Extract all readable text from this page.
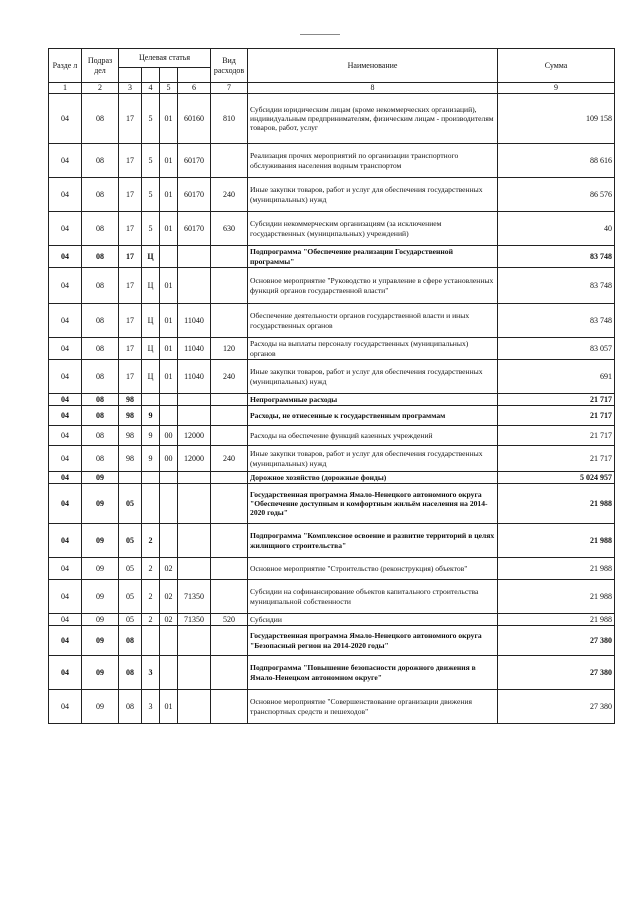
Разде л	Подраз дел	Целевая статья				Вид расходов	Наименование	Сумма

1	2	3	4	5	6	7	8	9
04	08	17	5	01	60160	810	Субсидии юридическим лицам (кроме некоммерческих организаций), индивидуальным предпринимателям, физическим лицам - производителям товаров, работ, услуг	109 158
04	08	17	5	01	60170		Реализация прочих мероприятий по организации транспортного обслуживания населения водным транспортом	88 616
04	08	17	5	01	60170	240	Иные закупки товаров, работ и услуг для обеспечения государственных (муниципальных) нужд	86 576
04	08	17	5	01	60170	630	Субсидии некоммерческим организациям (за исключением государственных (муниципальных) учреждений)	40
04	08	17	Ц				Подпрограмма "Обеспечение реализации Государственной программы"	83 748
04	08	17	Ц	01			Основное мероприятие "Руководство и управление в сфере установленных функций органов государственной власти"	83 748
04	08	17	Ц	01	11040		Обеспечение деятельности органов государственной власти и иных государственных органов	83 748
04	08	17	Ц	01	11040	120	Расходы на выплаты персоналу государственных (муниципальных) органов	83 057
04	08	17	Ц	01	11040	240	Иные закупки товаров, работ и услуг для обеспечения государственных (муниципальных) нужд	691
04	08	98					Непрограммные расходы	21 717
04	08	98	9				Расходы, не отнесенные к государственным программам	21 717
04	08	98	9	00	12000		Расходы на обеспечение функций казенных учреждений	21 717
04	08	98	9	00	12000	240	Иные закупки товаров, работ и услуг для обеспечения государственных (муниципальных) нужд	21 717
04	09						Дорожное хозяйство (дорожные фонды)	5 024 957
04	09	05					Государственная программа Ямало-Ненецкого автономного округа "Обеспечение доступным и комфортным жильём населения на 2014-2020 годы"	21 988
04	09	05	2				Подпрограмма "Комплексное освоение и развитие территорий в целях жилищного строительства"	21 988
04	09	05	2	02			Основное мероприятие "Строительство (реконструкция) объектов"	21 988
04	09	05	2	02	71350		Субсидии на софинансирование объектов капитального строительства муниципальной собственности	21 988
04	09	05	2	02	71350	520	Субсидии	21 988
04	09	08					Государственная программа Ямало-Ненецкого автономного округа "Безопасный регион на 2014-2020 годы"	27 380
04	09	08	3				Подпрограмма "Повышение безопасности дорожного движения в Ямало-Ненецком автономном округе"	27 380
04	09	08	3	01			Основное мероприятие "Совершенствование организации движения транспортных средств и пешеходов"	27 380
